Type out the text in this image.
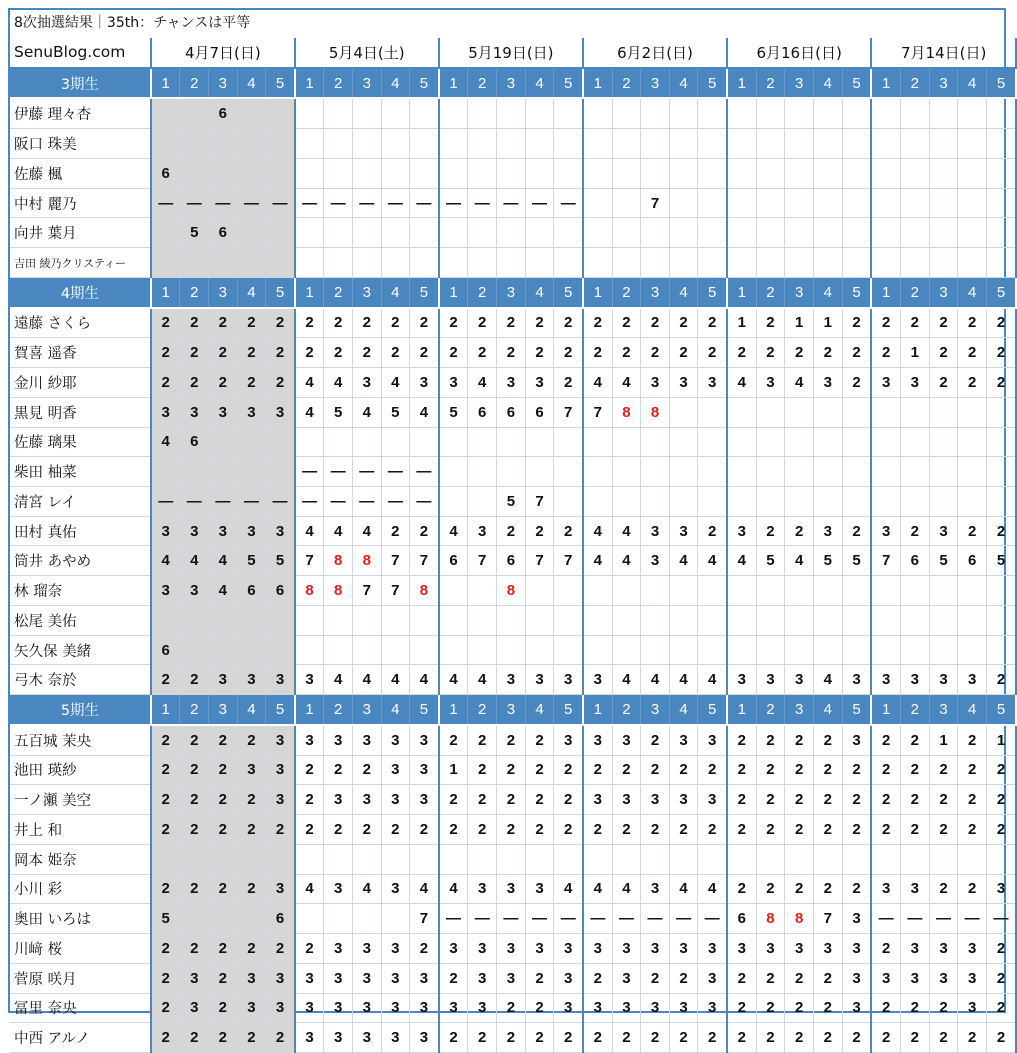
8次抽選結果｜35th：チャンスは平等
SenuBlog.com	4月7日(日)					5月4日(土)					5月19日(日)					6月2日(日)					6月16日(日)					7月14日(日)				
3期生	1	2	3	4	5	1	2	3	4	5	1	2	3	4	5	1	2	3	4	5	1	2	3	4	5	1	2	3	4	5
伊藤 理々杏			6																											
阪口 珠美																														
佐藤 楓	6																													
中村 麗乃	—	—	—	—	—	—	—	—	—	—	—	—	—	—	—			7												
向井 葉月		5	6																											
吉田 綾乃クリスティー																														
4期生	1	2	3	4	5	1	2	3	4	5	1	2	3	4	5	1	2	3	4	5	1	2	3	4	5	1	2	3	4	5
遠藤 さくら	2	2	2	2	2	2	2	2	2	2	2	2	2	2	2	2	2	2	2	2	1	2	1	1	2	2	2	2	2	2
賀喜 遥香	2	2	2	2	2	2	2	2	2	2	2	2	2	2	2	2	2	2	2	2	2	2	2	2	2	2	1	2	2	2
金川 紗耶	2	2	2	2	2	4	4	3	4	3	3	4	3	3	2	4	4	3	3	3	4	3	4	3	2	3	3	2	2	2
黒見 明香	3	3	3	3	3	4	5	4	5	4	5	6	6	6	7	7	8	8												
佐藤 璃果	4	6																												
柴田 柚菜						—	—	—	—	—																				
清宮 レイ	—	—	—	—	—	—	—	—	—	—			5	7																
田村 真佑	3	3	3	3	3	4	4	4	2	2	4	3	2	2	2	4	4	3	3	2	3	2	2	3	2	3	2	3	2	2
筒井 あやめ	4	4	4	5	5	7	8	8	7	7	6	7	6	7	7	4	4	3	4	4	4	5	4	5	5	7	6	5	6	5
林 瑠奈	3	3	4	6	6	8	8	7	7	8			8																	
松尾 美佑																														
矢久保 美緒	6																													
弓木 奈於	2	2	3	3	3	3	4	4	4	4	4	4	3	3	3	3	4	4	4	4	3	3	3	4	3	3	3	3	3	2
5期生	1	2	3	4	5	1	2	3	4	5	1	2	3	4	5	1	2	3	4	5	1	2	3	4	5	1	2	3	4	5
五百城 茉央	2	2	2	2	3	3	3	3	3	3	2	2	2	2	3	3	3	2	3	3	2	2	2	2	3	2	2	1	2	1
池田 瑛紗	2	2	2	3	3	2	2	2	3	3	1	2	2	2	2	2	2	2	2	2	2	2	2	2	2	2	2	2	2	2
一ノ瀬 美空	2	2	2	2	3	2	3	3	3	3	2	2	2	2	2	3	3	3	3	3	2	2	2	2	2	2	2	2	2	2
井上 和	2	2	2	2	2	2	2	2	2	2	2	2	2	2	2	2	2	2	2	2	2	2	2	2	2	2	2	2	2	2
岡本 姫奈																														
小川 彩	2	2	2	2	3	4	3	4	3	4	4	3	3	3	4	4	4	3	4	4	2	2	2	2	2	3	3	2	2	3
奥田 いろは	5				6					7	—	—	—	—	—	—	—	—	—	—	6	8	8	7	3	—	—	—	—	—
川﨑 桜	2	2	2	2	2	2	3	3	3	2	3	3	3	3	3	3	3	3	3	3	3	3	3	3	3	2	3	3	3	2
菅原 咲月	2	3	2	3	3	3	3	3	3	3	2	3	3	2	3	2	3	2	2	3	2	2	2	2	3	3	3	3	3	2
冨里 奈央	2	3	2	3	3	3	3	3	3	3	3	3	2	2	3	3	3	3	3	3	2	2	2	2	3	2	2	2	3	2
中西 アルノ	2	2	2	2	2	3	3	3	3	3	2	2	2	2	2	2	2	2	2	2	2	2	2	2	2	2	2	2	2	2
